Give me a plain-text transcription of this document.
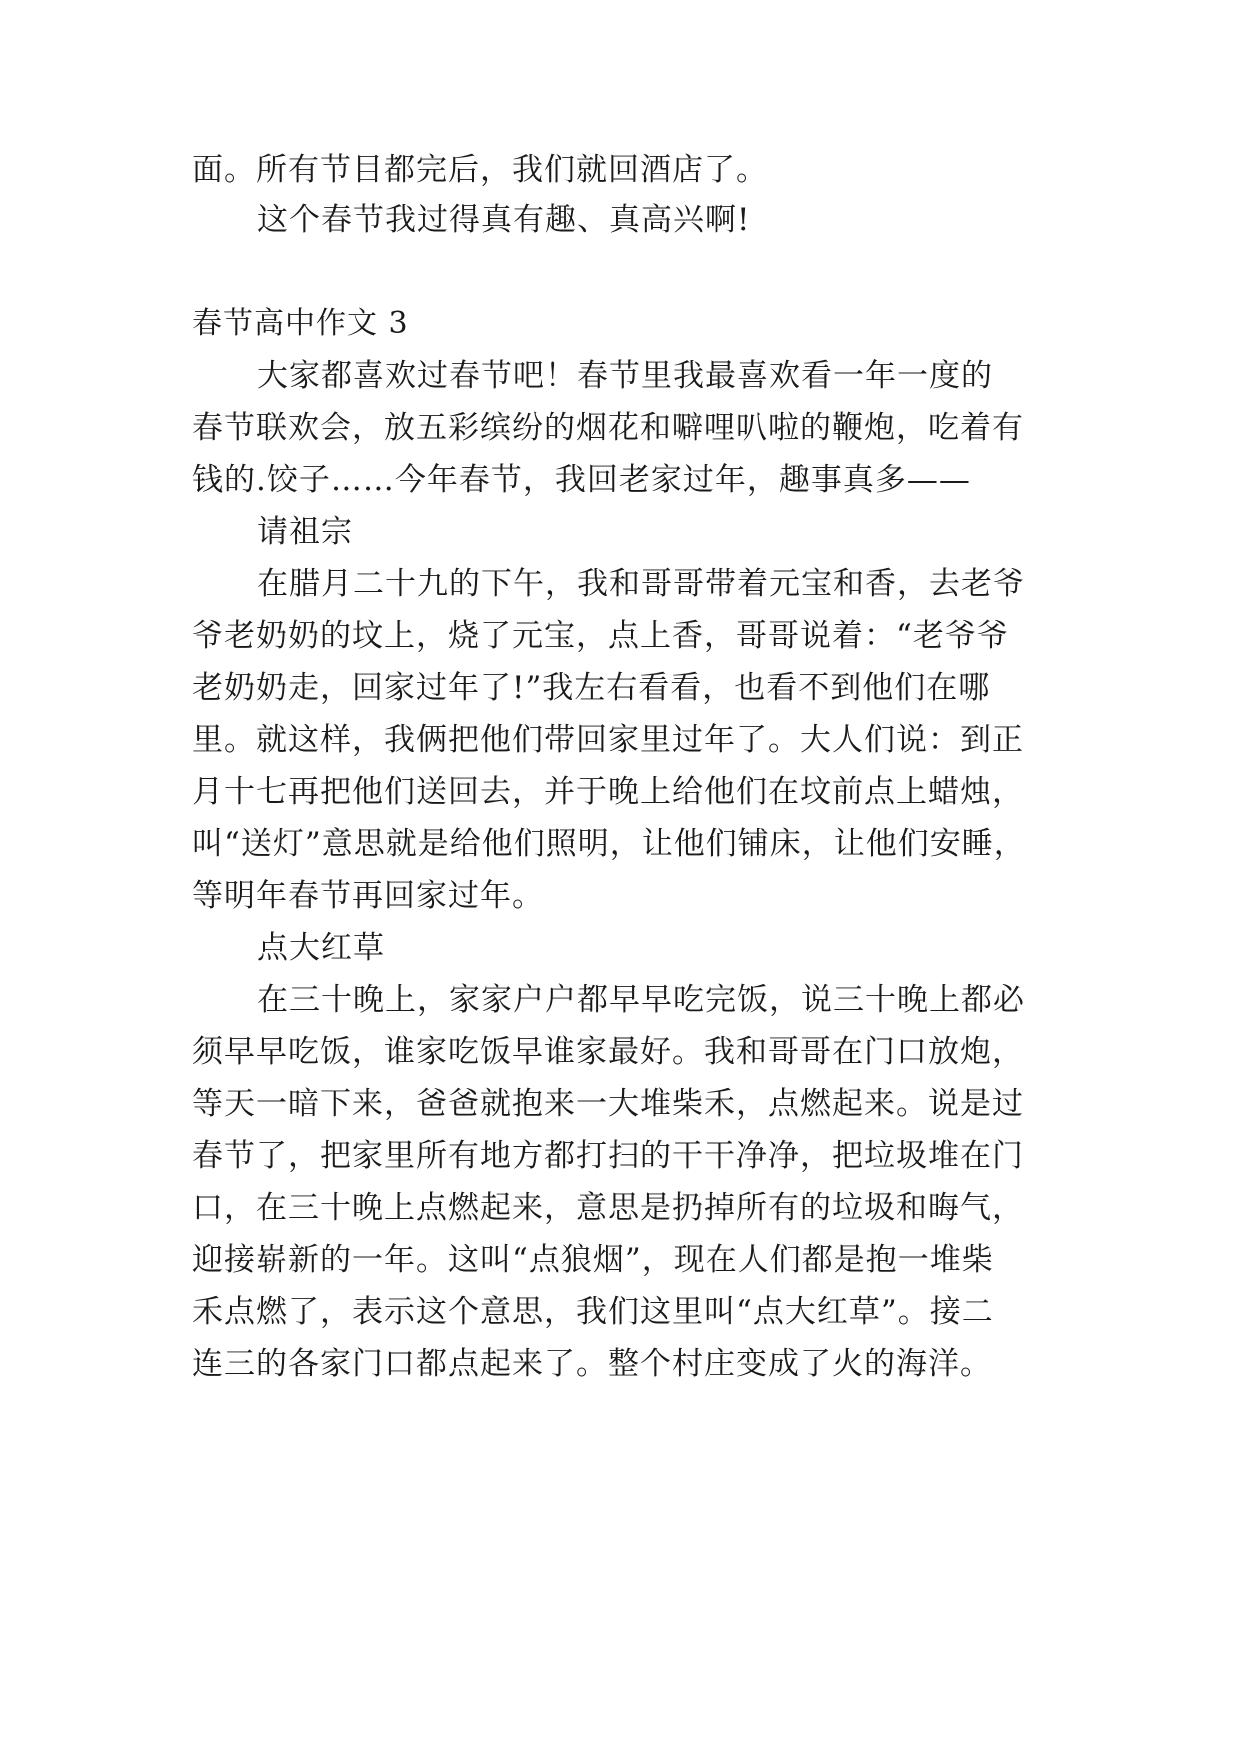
面。所有节目都完后，我们就回酒店了。
这个春节我过得真有趣、真高兴啊!
春节高中作文 3
大家都喜欢过春节吧！春节里我最喜欢看一年一度的
春节联欢会，放五彩缤纷的烟花和噼哩叭啦的鞭炮，吃着有
钱的.饺子……今年春节，我回老家过年，趣事真多——
请祖宗
在腊月二十九的下午，我和哥哥带着元宝和香，去老爷
爷老奶奶的坟上，烧了元宝，点上香，哥哥说着：“老爷爷
老奶奶走，回家过年了!”我左右看看，也看不到他们在哪
里。就这样，我俩把他们带回家里过年了。大人们说：到正
月十七再把他们送回去，并于晚上给他们在坟前点上蜡烛，
叫“送灯”意思就是给他们照明，让他们铺床，让他们安睡，
等明年春节再回家过年。
点大红草
在三十晚上，家家户户都早早吃完饭，说三十晚上都必
须早早吃饭，谁家吃饭早谁家最好。我和哥哥在门口放炮，
等天一暗下来，爸爸就抱来一大堆柴禾，点燃起来。说是过
春节了，把家里所有地方都打扫的干干净净，把垃圾堆在门
口，在三十晚上点燃起来，意思是扔掉所有的垃圾和晦气，
迎接崭新的一年。这叫“点狼烟”，现在人们都是抱一堆柴
禾点燃了，表示这个意思，我们这里叫“点大红草”。接二
连三的各家门口都点起来了。整个村庄变成了火的海洋。
